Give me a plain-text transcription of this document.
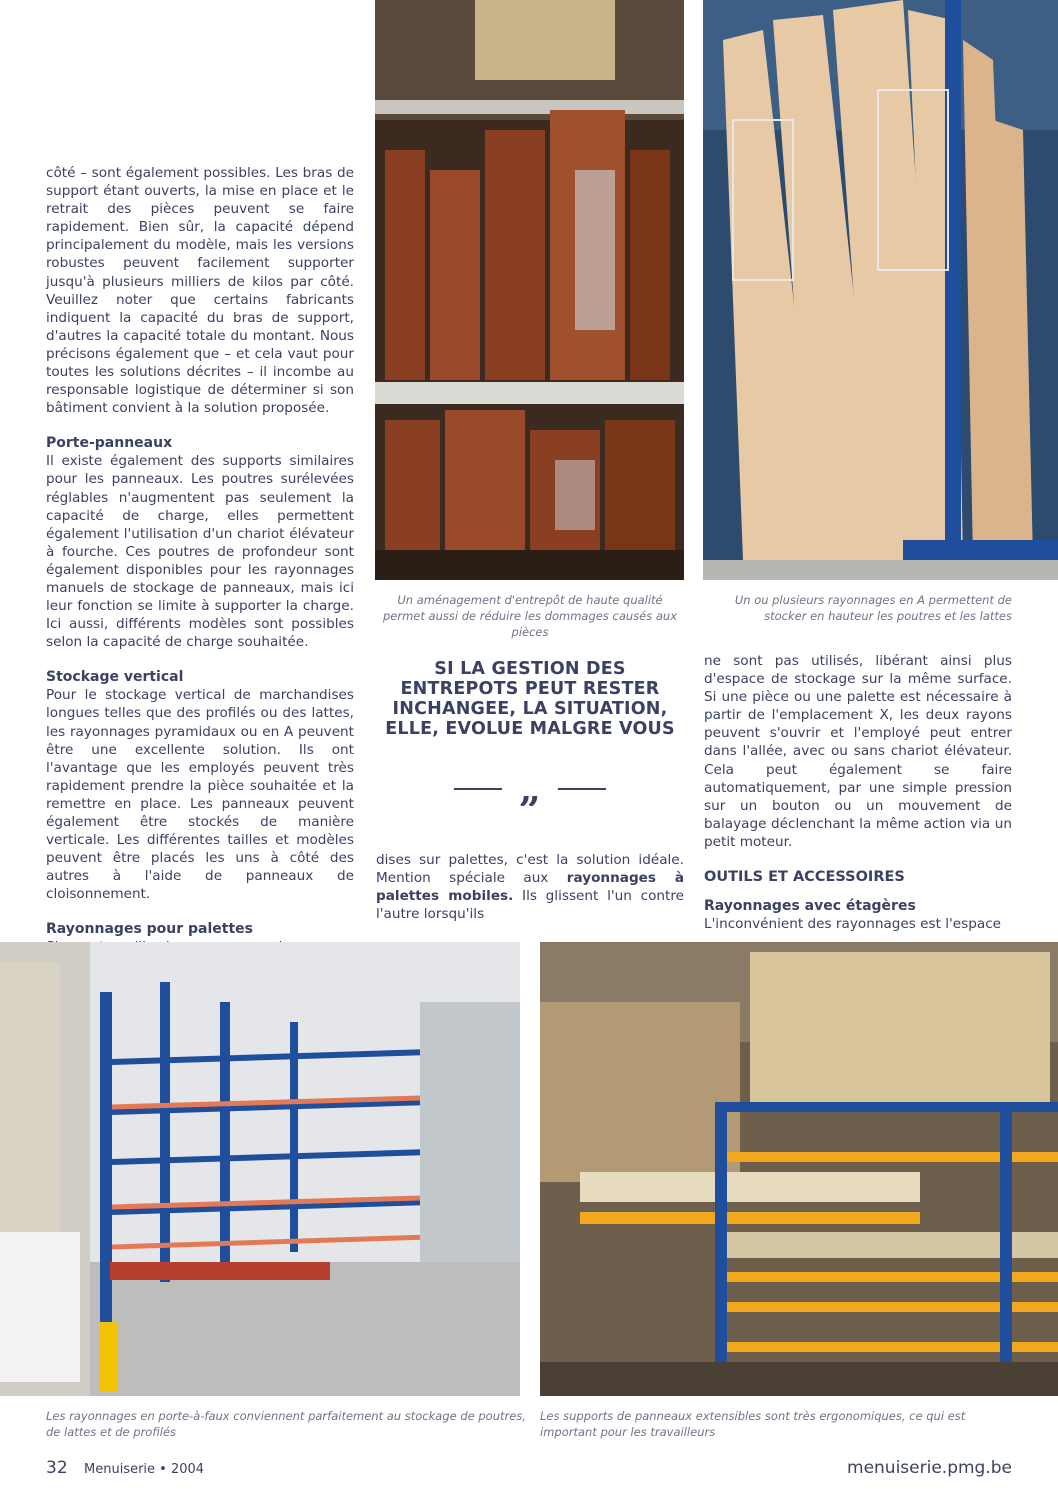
côté – sont également possibles. Les bras de support étant ouverts, la mise en place et le retrait des pièces peuvent se faire rapidement. Bien sûr, la capacité dépend principalement du modèle, mais les versions robustes peuvent facilement supporter jusqu'à plusieurs milliers de kilos par côté. Veuillez noter que certains fabricants indiquent la capacité du bras de support, d'autres la capacité totale du montant. Nous précisons également que – et cela vaut pour toutes les solutions décrites – il incombe au responsable logistique de déterminer si son bâtiment convient à la solution proposée.

Porte-panneaux

Il existe également des supports similaires pour les panneaux. Les poutres surélevées réglables n'augmentent pas seulement la capacité de charge, elles permettent également l'utilisation d'un chariot élévateur à fourche. Ces poutres de profondeur sont également disponibles pour les rayonnages manuels de stockage de panneaux, mais ici leur fonction se limite à supporter la charge. Ici aussi, différents modèles sont possibles selon la capacité de charge souhaitée.

Stockage vertical

Pour le stockage vertical de marchandises longues telles que des profilés ou des lattes, les rayonnages pyramidaux ou en A peuvent être une excellente solution. Ils ont l'avantage que les employés peuvent très rapidement prendre la pièce souhaitée et la remettre en place. Les panneaux peuvent également être stockés de manière verticale. Les différentes tailles et modèles peuvent être placés les uns à côté des autres à l'aide de panneaux de cloisonnement.

Rayonnages pour palettes

Un aménagement d'entrepôt de haute qualité permet aussi de réduire les dommages causés aux pièces
Un ou plusieurs rayonnages en A permettent de stocker en hauteur les poutres et les lattes
SI LA GESTION DES ENTREPOTS PEUT RESTER INCHANGEE, LA SITUATION, ELLE, EVOLUE MALGRE VOUS
„

dises sur palettes, c'est la solution idéale. Mention spéciale aux rayonnages à palettes mobiles. Ils glissent l'un contre l'autre lorsqu'ils

ne sont pas utilisés, libérant ainsi plus d'espace de stockage sur la même surface. Si une pièce ou une palette est nécessaire à partir de l'emplacement X, les deux rayons peuvent s'ouvrir et l'employé peut entrer dans l'allée, avec ou sans chariot élévateur. Cela peut également se faire automatiquement, par une simple pression sur un bouton ou un mouvement de balayage déclenchant la même action via un petit moteur.

OUTILS ET ACCESSOIRES
Rayonnages avec étagères

L'inconvénient des rayonnages est l'espace

Les rayonnages en porte-à-faux conviennent parfaitement au stockage de poutres, de lattes et de profilés
Les supports de panneaux extensibles sont très ergonomiques, ce qui est important pour les travailleurs
32 Menuiserie • 2004	menuiserie.pmg.be
